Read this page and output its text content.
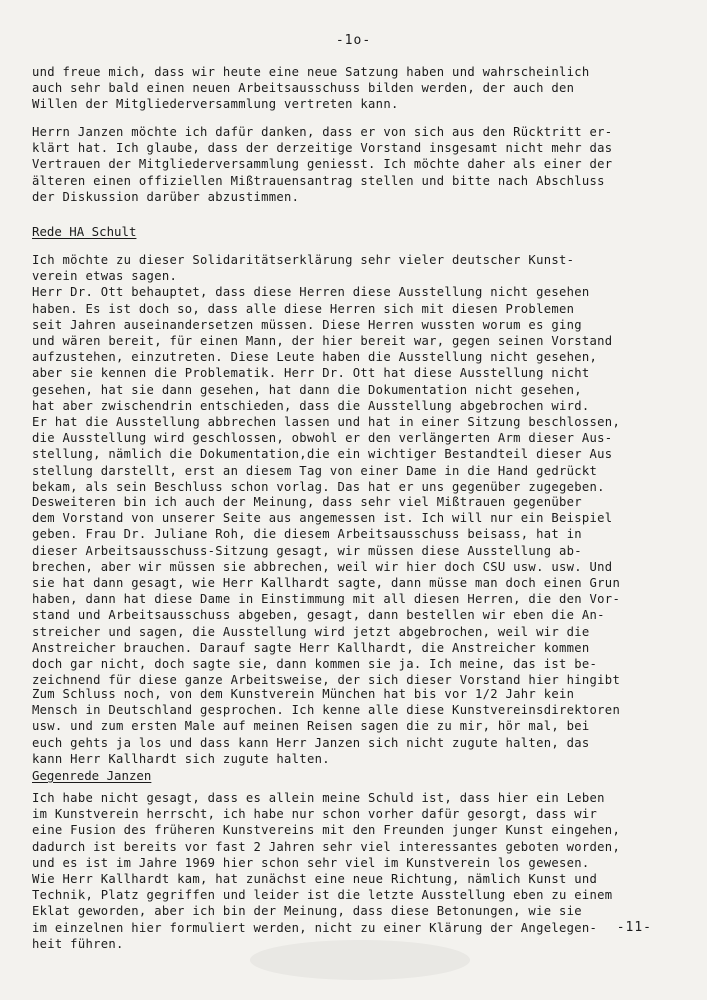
-1o-
und freue mich, dass wir heute eine neue Satzung haben und wahrscheinlich
auch sehr bald einen neuen Arbeitsausschuss bilden werden, der auch den
Willen der Mitgliederversammlung vertreten kann.
Herrn Janzen möchte ich dafür danken, dass er von sich aus den Rücktritt er-
klärt hat. Ich glaube, dass der derzeitige Vorstand insgesamt nicht mehr das
Vertrauen der Mitgliederversammlung geniesst. Ich möchte daher als einer der
älteren einen offiziellen Mißtrauensantrag stellen und bitte nach Abschluss
der Diskussion darüber abzustimmen.
Rede HA Schult
Ich möchte zu dieser Solidaritätserklärung sehr vieler deutscher Kunst-
verein etwas sagen.
Herr Dr. Ott behauptet, dass diese Herren diese Ausstellung nicht gesehen
haben. Es ist doch so, dass alle diese Herren sich mit diesen Problemen
seit Jahren auseinandersetzen müssen. Diese Herren wussten worum es ging
und wären bereit, für einen Mann, der hier bereit war, gegen seinen Vorstand
aufzustehen, einzutreten. Diese Leute haben die Ausstellung nicht gesehen,
aber sie kennen die Problematik. Herr Dr. Ott hat diese Ausstellung nicht
gesehen, hat sie dann gesehen, hat dann die Dokumentation nicht gesehen,
hat aber zwischendrin entschieden, dass die Ausstellung abgebrochen wird.
Er hat die Ausstellung abbrechen lassen und hat in einer Sitzung beschlossen,
die Ausstellung wird geschlossen, obwohl er den verlängerten Arm dieser Aus-
stellung, nämlich die Dokumentation,die ein wichtiger Bestandteil dieser Aus
stellung darstellt, erst an diesem Tag von einer Dame in die Hand gedrückt
bekam, als sein Beschluss schon vorlag. Das hat er uns gegenüber zugegeben.
Desweiteren bin ich auch der Meinung, dass sehr viel Mißtrauen gegenüber
dem Vorstand von unserer Seite aus angemessen ist. Ich will nur ein Beispiel
geben. Frau Dr. Juliane Roh, die diesem Arbeitsausschuss beisass, hat in
dieser Arbeitsausschuss-Sitzung gesagt, wir müssen diese Ausstellung ab-
brechen, aber wir müssen sie abbrechen, weil wir hier doch CSU usw. usw. Und
sie hat dann gesagt, wie Herr Kallhardt sagte, dann müsse man doch einen Grun
haben, dann hat diese Dame in Einstimmung mit all diesen Herren, die den Vor-
stand und Arbeitsausschuss abgeben, gesagt, dann bestellen wir eben die An-
streicher und sagen, die Ausstellung wird jetzt abgebrochen, weil wir die
Anstreicher brauchen. Darauf sagte Herr Kallhardt, die Anstreicher kommen
doch gar nicht, doch sagte sie, dann kommen sie ja. Ich meine, das ist be-
zeichnend für diese ganze Arbeitsweise, der sich dieser Vorstand hier hingibt
Zum Schluss noch, von dem Kunstverein München hat bis vor 1/2 Jahr kein
Mensch in Deutschland gesprochen. Ich kenne alle diese Kunstvereinsdirektoren
usw. und zum ersten Male auf meinen Reisen sagen die zu mir, hör mal, bei
euch gehts ja los und dass kann Herr Janzen sich nicht zugute halten, das
kann Herr Kallhardt sich zugute halten.
Gegenrede Janzen
Ich habe nicht gesagt, dass es allein meine Schuld ist, dass hier ein Leben
im Kunstverein herrscht, ich habe nur schon vorher dafür gesorgt, dass wir
eine Fusion des früheren Kunstvereins mit den Freunden junger Kunst eingehen,
dadurch ist bereits vor fast 2 Jahren sehr viel interessantes geboten worden,
und es ist im Jahre 1969 hier schon sehr viel im Kunstverein los gewesen.
Wie Herr Kallhardt kam, hat zunächst eine neue Richtung, nämlich Kunst und
Technik, Platz gegriffen und leider ist die letzte Ausstellung eben zu einem
Eklat geworden, aber ich bin der Meinung, dass diese Betonungen, wie sie
im einzelnen hier formuliert werden, nicht zu einer Klärung der Angelegen-
heit führen.
-11-
